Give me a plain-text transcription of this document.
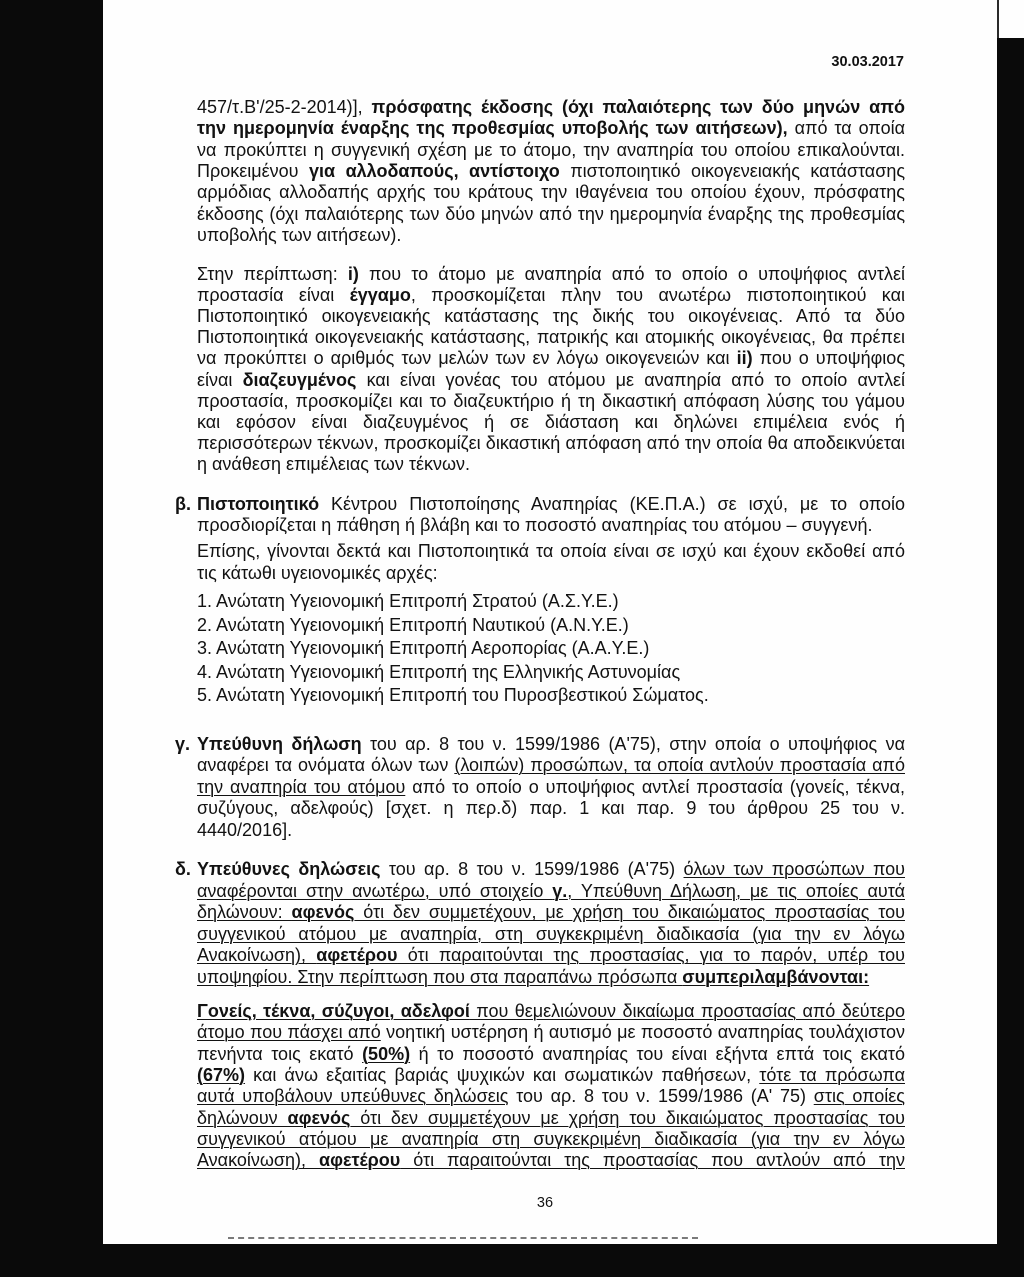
30.03.2017
457/τ.Β'/25-2-2014)], πρόσφατης έκδοσης (όχι παλαιότερης των δύο μηνών από
την ημερομηνία έναρξης της προθεσμίας υποβολής των αιτήσεων), από τα οποία
να προκύπτει η συγγενική σχέση με το άτομο, την αναπηρία του οποίου επικαλούνται.
Προκειμένου για αλλοδαπούς, αντίστοιχο πιστοποιητικό οικογενειακής κατάστασης
αρμόδιας αλλοδαπής αρχής του κράτους την ιθαγένεια του οποίου έχουν, πρόσφατης
έκδοσης (όχι παλαιότερης των δύο μηνών από την ημερομηνία έναρξης της προθεσμίας
υποβολής των αιτήσεων).
Στην περίπτωση: i) που το άτομο με αναπηρία από το οποίο ο υποψήφιος αντλεί
προστασία είναι έγγαμο, προσκομίζεται πλην του ανωτέρω πιστοποιητικού και
Πιστοποιητικό οικογενειακής κατάστασης της δικής του οικογένειας. Από τα δύο
Πιστοποιητικά οικογενειακής κατάστασης, πατρικής και ατομικής οικογένειας, θα πρέπει
να προκύπτει ο αριθμός των μελών των εν λόγω οικογενειών και ii) που ο υποψήφιος
είναι διαζευγμένος και είναι γονέας του ατόμου με αναπηρία από το οποίο αντλεί
προστασία, προσκομίζει και το διαζευκτήριο ή τη δικαστική απόφαση λύσης του γάμου
και εφόσον είναι διαζευγμένος ή σε διάσταση και δηλώνει επιμέλεια ενός ή
περισσότερων τέκνων, προσκομίζει δικαστική απόφαση από την οποία θα αποδεικνύεται
η ανάθεση επιμέλειας των τέκνων.
β. Πιστοποιητικό Κέντρου Πιστοποίησης Αναπηρίας (ΚΕ.Π.Α.) σε ισχύ, με το οποίο
προσδιορίζεται η πάθηση ή βλάβη και το ποσοστό αναπηρίας του ατόμου – συγγενή.
Επίσης, γίνονται δεκτά και Πιστοποιητικά τα οποία είναι σε ισχύ και έχουν εκδοθεί από
τις κάτωθι υγειονομικές αρχές:
1. Ανώτατη Υγειονομική Επιτροπή Στρατού (Α.Σ.Υ.Ε.)
2. Ανώτατη Υγειονομική Επιτροπή Ναυτικού (Α.Ν.Υ.Ε.)
3. Ανώτατη Υγειονομική Επιτροπή Αεροπορίας (Α.Α.Υ.Ε.)
4. Ανώτατη Υγειονομική Επιτροπή της Ελληνικής Αστυνομίας
5. Ανώτατη Υγειονομική Επιτροπή του Πυροσβεστικού Σώματος.
γ. Υπεύθυνη δήλωση του αρ. 8 του ν. 1599/1986 (Α'75), στην οποία ο υποψήφιος να
αναφέρει τα ονόματα όλων των (λοιπών) προσώπων, τα οποία αντλούν προστασία από
την αναπηρία του ατόμου από το οποίο ο υποψήφιος αντλεί προστασία (γονείς, τέκνα,
συζύγους, αδελφούς) [σχετ. η περ.δ) παρ. 1 και παρ. 9 του άρθρου 25 του ν.
4440/2016].
δ. Υπεύθυνες δηλώσεις του αρ. 8 του ν. 1599/1986 (Α'75) όλων των προσώπων που
αναφέρονται στην ανωτέρω, υπό στοιχείο γ., Υπεύθυνη Δήλωση, με τις οποίες αυτά
δηλώνουν: αφενός ότι δεν συμμετέχουν, με χρήση του δικαιώματος προστασίας του
συγγενικού ατόμου με αναπηρία, στη συγκεκριμένη διαδικασία (για την εν λόγω
Ανακοίνωση), αφετέρου ότι παραιτούνται της προστασίας, για το παρόν, υπέρ του
υποψηφίου. Στην περίπτωση που στα παραπάνω πρόσωπα συμπεριλαμβάνονται:
Γονείς, τέκνα, σύζυγοι, αδελφοί που θεμελιώνουν δικαίωμα προστασίας από δεύτερο
άτομο που πάσχει από νοητική υστέρηση ή αυτισμό με ποσοστό αναπηρίας τουλάχιστον
πενήντα τοις εκατό (50%) ή το ποσοστό αναπηρίας του είναι εξήντα επτά τοις εκατό
(67%) και άνω εξαιτίας βαριάς ψυχικών και σωματικών παθήσεων, τότε τα πρόσωπα
αυτά υποβάλουν υπεύθυνες δηλώσεις του αρ. 8 του ν. 1599/1986 (Α' 75) στις οποίες
δηλώνουν αφενός ότι δεν συμμετέχουν με χρήση του δικαιώματος προστασίας του
συγγενικού ατόμου με αναπηρία στη συγκεκριμένη διαδικασία (για την εν λόγω
Ανακοίνωση), αφετέρου ότι παραιτούνται της προστασίας που αντλούν από την
36
